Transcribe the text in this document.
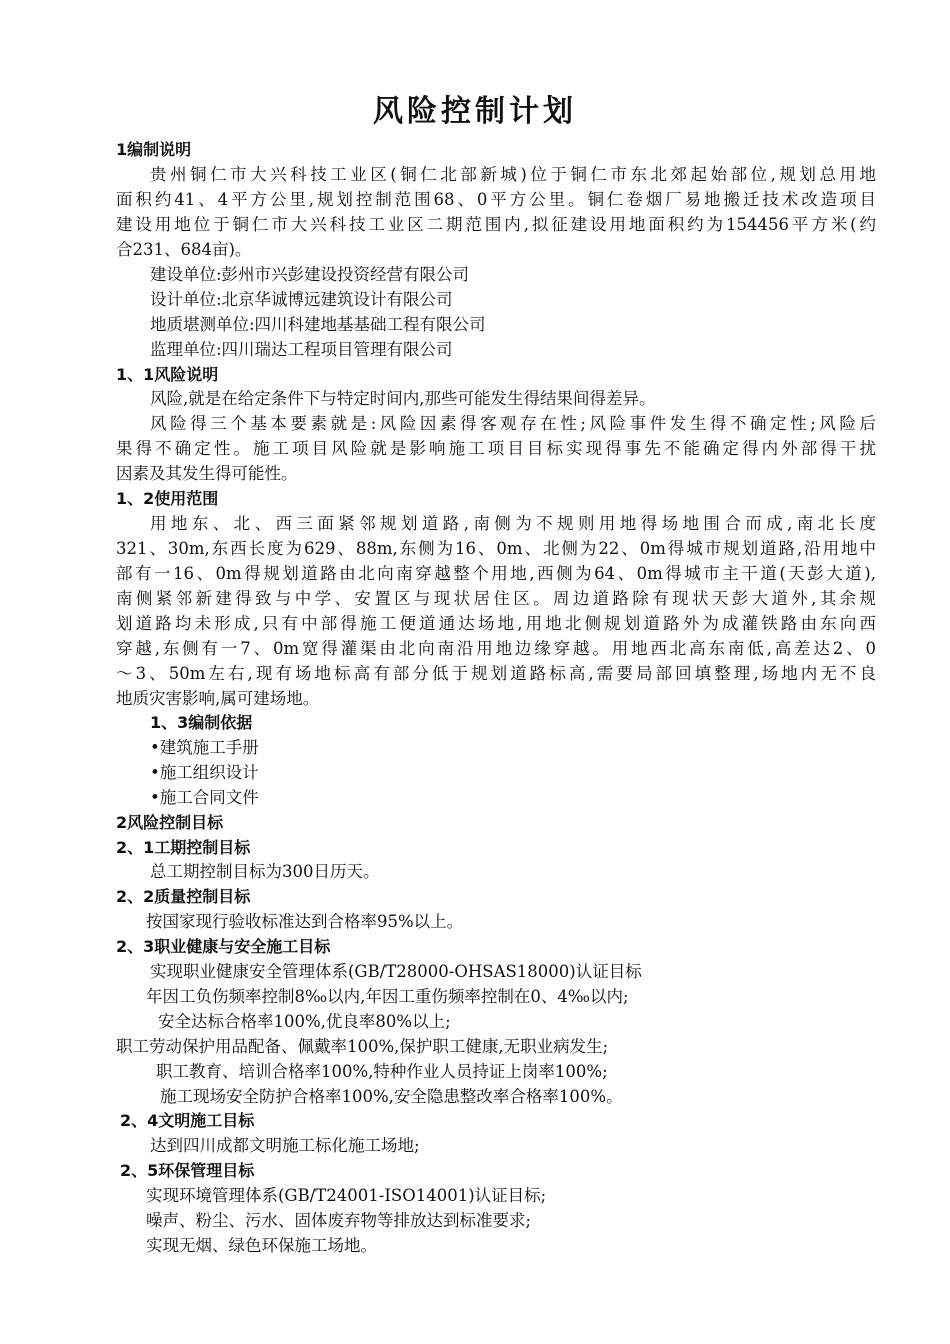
风险控制计划
1编制说明
贵州铜仁市大兴科技工业区(铜仁北部新城)位于铜仁市东北郊起始部位,规划总用地
面积约41、4平方公里,规划控制范围68、0平方公里。铜仁卷烟厂易地搬迁技术改造项目
建设用地位于铜仁市大兴科技工业区二期范围内,拟征建设用地面积约为154456平方米(约
合231、684亩)。
建设单位:彭州市兴彭建设投资经营有限公司
设计单位:北京华诚博远建筑设计有限公司
地质堪测单位:四川科建地基基础工程有限公司
监理单位:四川瑞达工程项目管理有限公司
1、1风险说明
风险,就是在给定条件下与特定时间内,那些可能发生得结果间得差异。
风险得三个基本要素就是:风险因素得客观存在性;风险事件发生得不确定性;风险后
果得不确定性。施工项目风险就是影响施工项目目标实现得事先不能确定得内外部得干扰
因素及其发生得可能性。
1、2使用范围
用地东、北、西三面紧邻规划道路,南侧为不规则用地得场地围合而成,南北长度
321、30m,东西长度为629、88m,东侧为16、0m、北侧为22、0m得城市规划道路,沿用地中
部有一16、0m得规划道路由北向南穿越整个用地,西侧为64、0m得城市主干道(天彭大道),
南侧紧邻新建得致与中学、安置区与现状居住区。周边道路除有现状天彭大道外,其余规
划道路均未形成,只有中部得施工便道通达场地,用地北侧规划道路外为成灌铁路由东向西
穿越,东侧有一7、0m宽得灌渠由北向南沿用地边缘穿越。用地西北高东南低,高差达2、0
～3、50m左右,现有场地标高有部分低于规划道路标高,需要局部回填整理,场地内无不良
地质灾害影响,属可建场地。
1、3编制依据
•建筑施工手册
•施工组织设计
•施工合同文件
2风险控制目标
2、1工期控制目标
总工期控制目标为300日历天。
2、2质量控制目标
按国家现行验收标准达到合格率95%以上。
2、3职业健康与安全施工目标
实现职业健康安全管理体系(GB/T28000-OHSAS18000)认证目标
年因工负伤频率控制8‰以内,年因工重伤频率控制在0、4‰以内;
安全达标合格率100%,优良率80%以上;
职工劳动保护用品配备、佩戴率100%,保护职工健康,无职业病发生;
职工教育、培训合格率100%,特种作业人员持证上岗率100%;
施工现场安全防护合格率100%,安全隐患整改率合格率100%。
2、4文明施工目标
达到四川成都文明施工标化施工场地;
2、5环保管理目标
实现环境管理体系(GB/T24001-ISO14001)认证目标;
噪声、粉尘、污水、固体废弃物等排放达到标准要求;
实现无烟、绿色环保施工场地。
